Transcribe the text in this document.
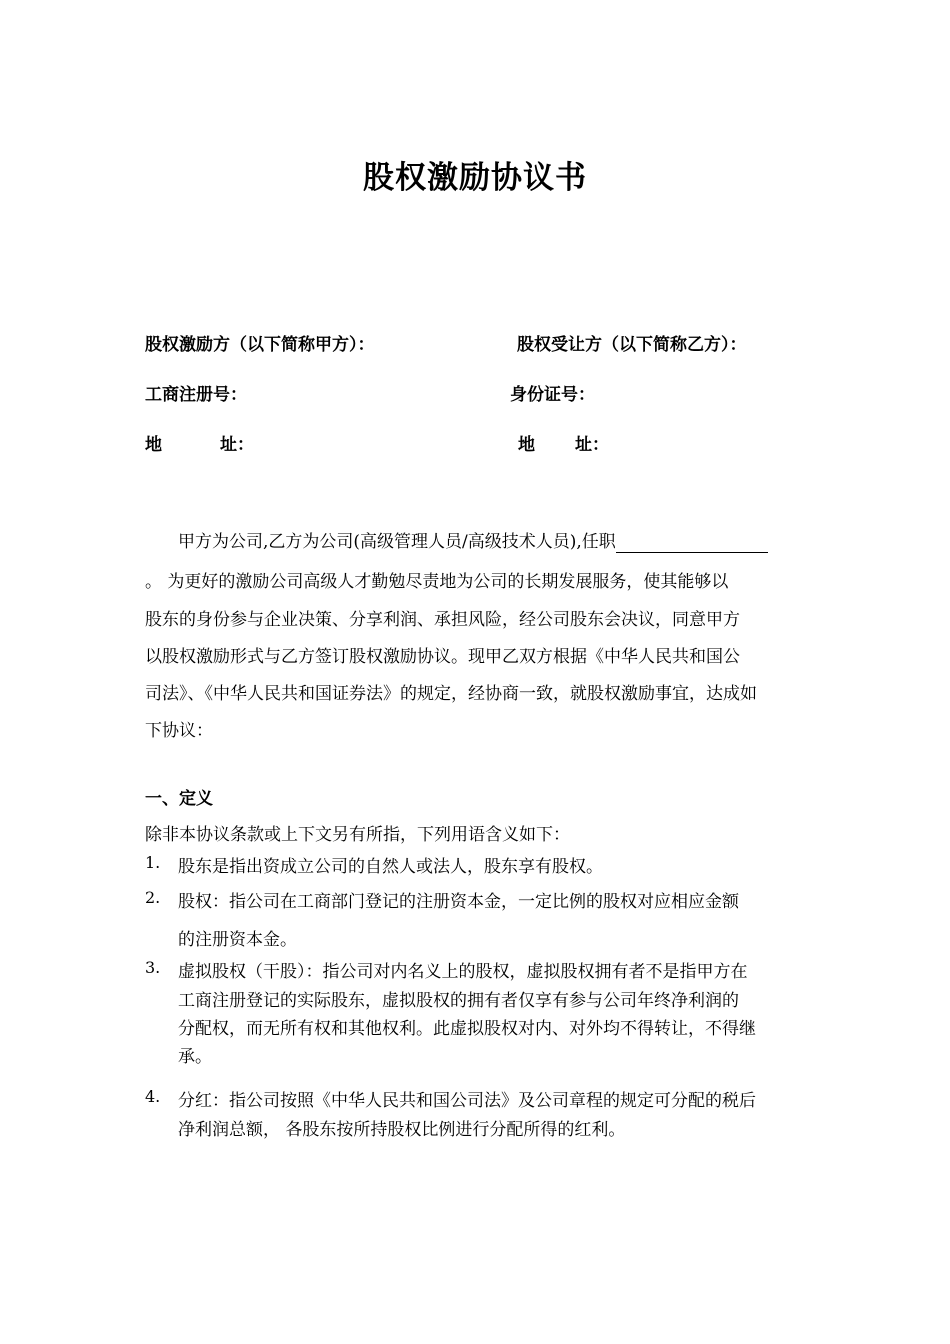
股权激励协议书
股权激励方（以下简称甲方）：	股权受让方（以下简称乙方）：
工商注册号：	身份证号：
地	址：	地 址：
甲方为公司,乙方为公司(高级管理人员/高级技术人员),任职
。 为更好的激励公司高级人才勤勉尽责地为公司的长期发展服务，使其能够以
股东的身份参与企业决策、分享利润、承担风险，经公司股东会决议，同意甲方
以股权激励形式与乙方签订股权激励协议。现甲乙双方根据《中华人民共和国公
司法》、《中华人民共和国证券法》的规定，经协商一致，就股权激励事宜，达成如
下协议：
一、定义
除非本协议条款或上下文另有所指，下列用语含义如下：
1. 股东是指出资成立公司的自然人或法人，股东享有股权。
2. 股权：指公司在工商部门登记的注册资本金，一定比例的股权对应相应金额
的注册资本金。
3. 虚拟股权（干股）：指公司对内名义上的股权，虚拟股权拥有者不是指甲方在
工商注册登记的实际股东，虚拟股权的拥有者仅享有参与公司年终净利润的
分配权，而无所有权和其他权利。此虚拟股权对内、对外均不得转让，不得继
承。
4. 分红：指公司按照《中华人民共和国公司法》及公司章程的规定可分配的税后
净利润总额， 各股东按所持股权比例进行分配所得的红利。
